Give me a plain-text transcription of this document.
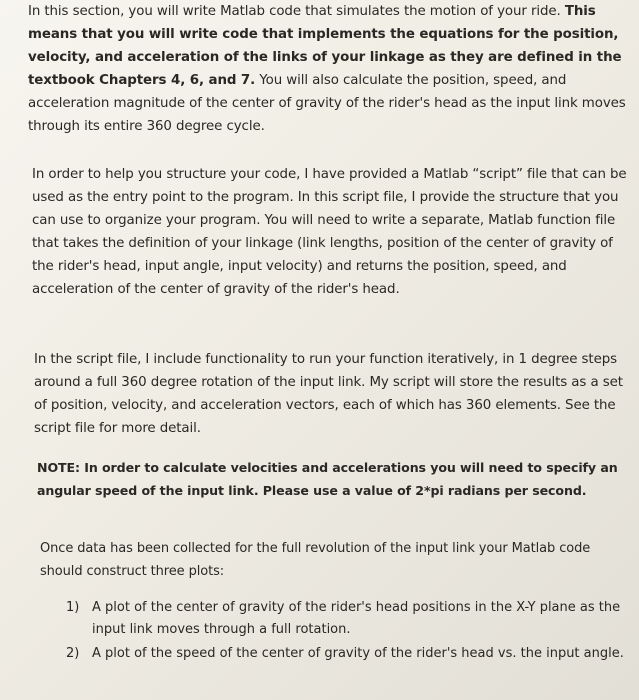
In this section, you will write Matlab code that simulates the motion of your ride. This means that you will write code that implements the equations for the position, velocity, and acceleration of the links of your linkage as they are defined in the textbook Chapters 4, 6, and 7. You will also calculate the position, speed, and acceleration magnitude of the center of gravity of the rider's head as the input link moves through its entire 360 degree cycle.

In order to help you structure your code, I have provided a Matlab “script” file that can be used as the entry point to the program. In this script file, I provide the structure that you can use to organize your program. You will need to write a separate, Matlab function file that takes the definition of your linkage (link lengths, position of the center of gravity of the rider's head, input angle, input velocity) and returns the position, speed, and acceleration of the center of gravity of the rider's head.

In the script file, I include functionality to run your function iteratively, in 1 degree steps around a full 360 degree rotation of the input link. My script will store the results as a set of position, velocity, and acceleration vectors, each of which has 360 elements. See the script file for more detail.

NOTE: In order to calculate velocities and accelerations you will need to specify an angular speed of the input link. Please use a value of 2*pi radians per second.

Once data has been collected for the full revolution of the input link your Matlab code should construct three plots:

1) A plot of the center of gravity of the rider's head positions in the X-Y plane as the input link moves through a full rotation.
2) A plot of the speed of the center of gravity of the rider's head vs. the input angle.
